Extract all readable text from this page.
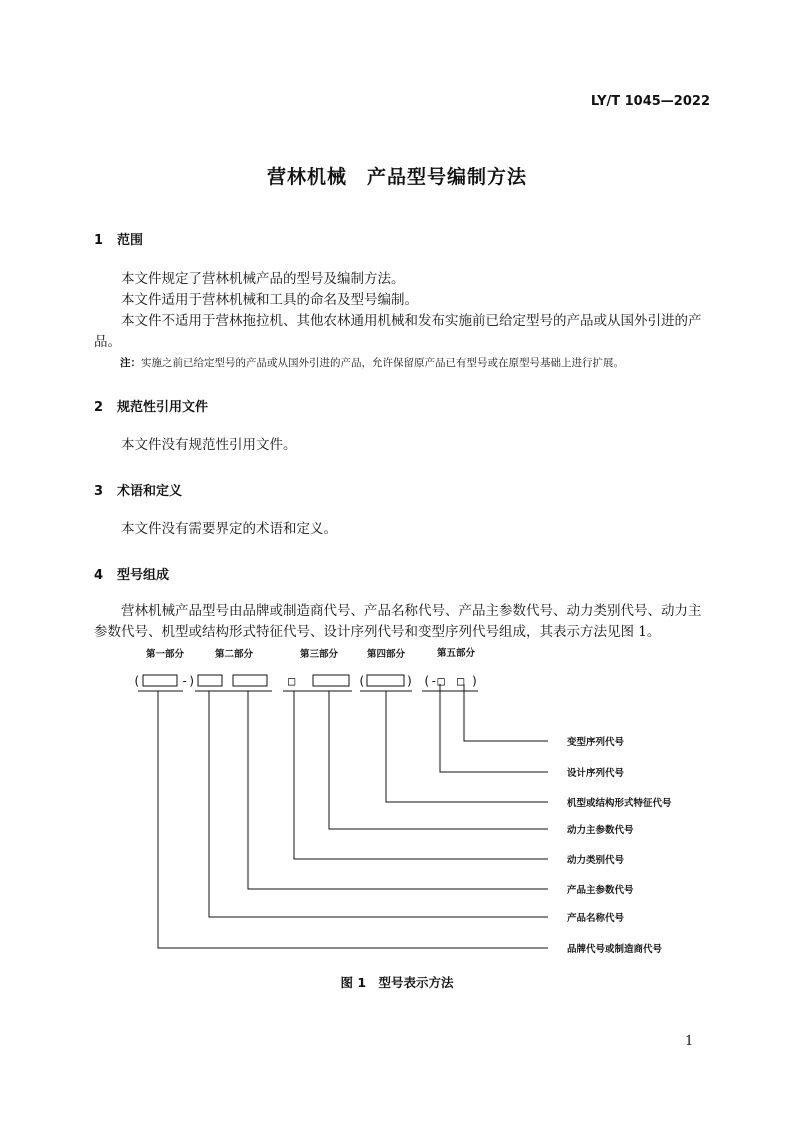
LY/T 1045—2022
营林机械　产品型号编制方法
1 范围
本文件规定了营林机械产品的型号及编制方法。
本文件适用于营林机械和工具的命名及型号编制。
本文件不适用于营林拖拉机、其他农林通用机械和发布实施前已给定型号的产品或从国外引进的产品。
注：实施之前已给定型号的产品或从国外引进的产品，允许保留原产品已有型号或在原型号基础上进行扩展。
2 规范性引用文件
本文件没有规范性引用文件。
3 术语和定义
本文件没有需要界定的术语和定义。
4 型号组成
营林机械产品型号由品牌或制造商代号、产品名称代号、产品主参数代号、动力类别代号、动力主参数代号、机型或结构形式特征代号、设计序列代号和变型序列代号组成，其表示方法见图 1。
第一部分	第二部分	第三部分	第四部分	第五部分
(	-)	□	(	) (-□ □ )
变型序列代号
设计序列代号
机型或结构形式特征代号
动力主参数代号
动力类别代号
产品主参数代号
产品名称代号
品牌代号或制造商代号
图 1　型号表示方法
1
